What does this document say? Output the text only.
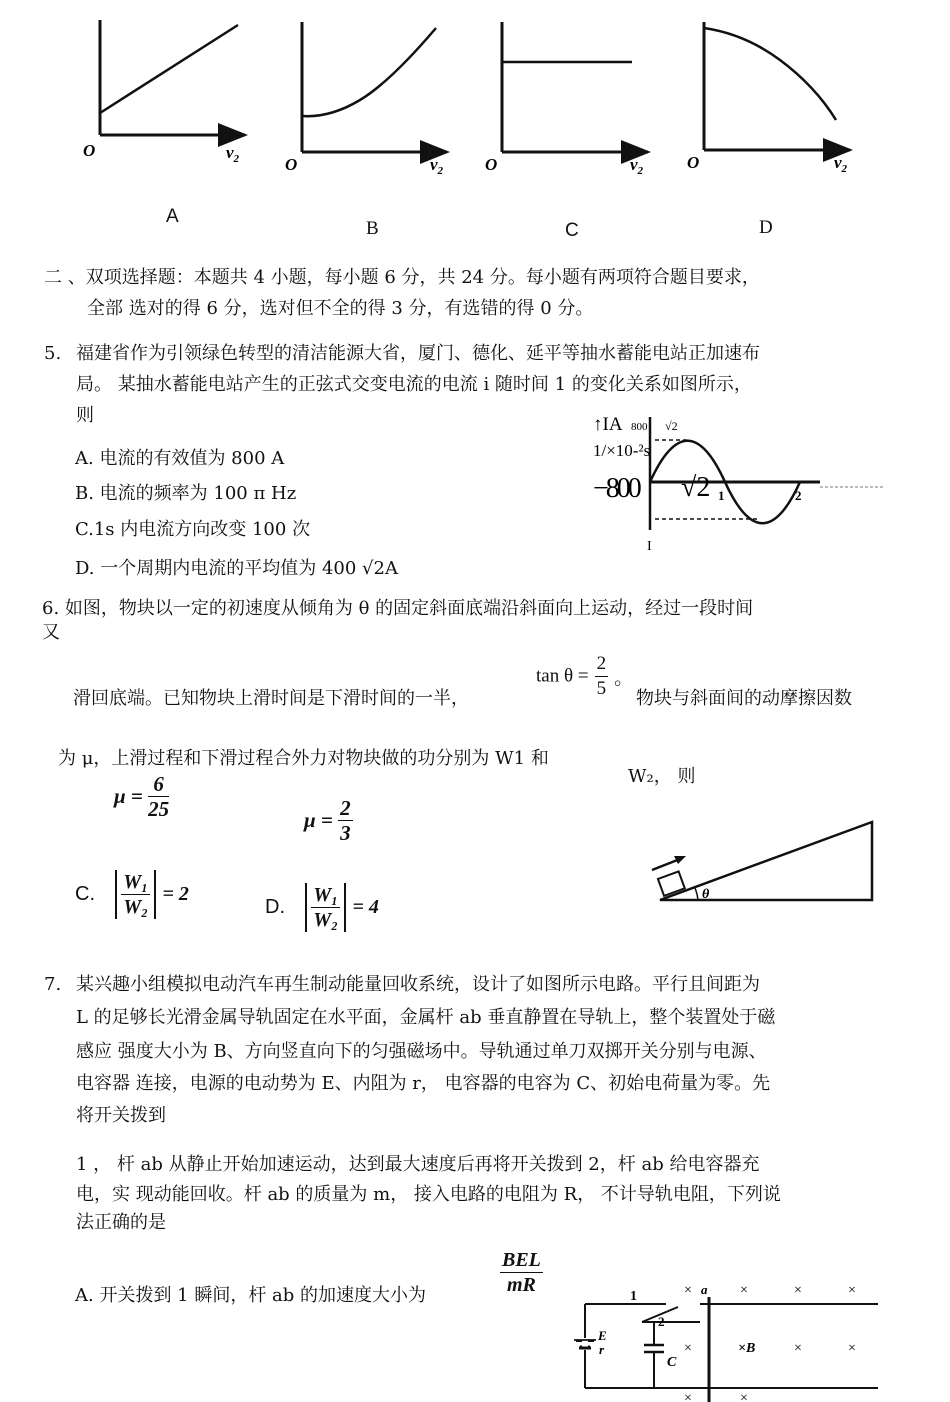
O	$v_2$	O	$v_2$ O	$v_2$	O	$v_2$
A
B	C	D
二 、双项选择题：本题共 4 小题，每小题 6 分，共 24 分。每小题有两项符合题目要求，
全部 选对的得 6 分，选对但不全的得 3 分，有选错的得 0 分。
5. 福建省作为引领绿色转型的清洁能源大省，厦门、德化、延平等抽水蓄能电站正加速布
局。 某抽水蓄能电站产生的正弦式交变电流的电流 i 随时间 1 的变化关系如图所示，
则
A. 电流的有效值为 800 A
B. 电流的频率为 100 π Hz
C.1s 内电流方向改变 100 次
D. 一个周期内电流的平均值为 400 √2A
↑IA 800 √2
1/×10-²s
−800 √2 1	2
I
6. 如图，物块以一定的初速度从倾角为 θ 的固定斜面底端沿斜面向上运动，经过一段时间
又
滑回底端。已知物块上滑时间是下滑时间的一半，
$\tan \theta = \frac{2}{5}$ 。
物块与斜面间的动摩擦因数
为 μ，上滑过程和下滑过程合外力对物块做的功分别为 W1 和
W₂， 则
$\mu = \frac{6}{25}$	$\mu = \frac{2}{3}$
C. $\frac{\text{W₁}}{\text{W₂}} = 2$
D. $\frac{\text{W₁}}{\text{W₂}} = 4$
θ
7. 某兴趣小组模拟电动汽车再生制动能量回收系统，设计了如图所示电路。平行且间距为
L 的足够长光滑金属导轨固定在水平面，金属杆 ab 垂直静置在导轨上，整个装置处于磁
感应 强度大小为 B、方向竖直向下的匀强磁场中。导轨通过单刀双掷开关分别与电源、
电容器 连接，电源的电动势为 E、内阻为 r， 电容器的电容为 C、初始电荷量为零。先
将开关拨到
1 ， 杆 ab 从静止开始加速运动，达到最大速度后再将开关拨到 2，杆 ab 给电容器充
电，实 现动能回收。杆 ab 的质量为 m， 接入电路的电阻为 R， 不计导轨电阻，下列说
法正确的是
A. 开关拨到 1 瞬间，杆 ab 的加速度大小为	$\frac{\text{BEL}}{mR}$
E
r
1
2
C
a
×	×	×	×
×	×B	×	×
×	×
